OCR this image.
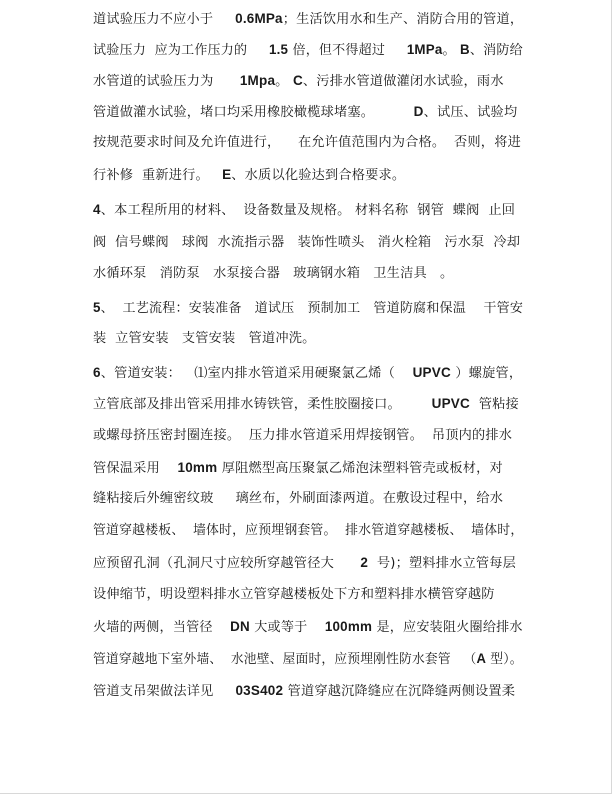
道试验压力不应小于     0.6MPa；生活饮用水和生产、消防合用的管道，
试验压力  应为工作压力的     1.5 倍，但不得超过     1MPa。 B、消防给
水管道的试验压力为      1Mpa。 C、污排水管道做灌闭水试验，雨水
管道做灌水试验，堵口均采用橡胶橄榄球堵塞。         D、试压、试验均
按规范要求时间及允许值进行，    在允许值范围内为合格。  否则，将进
行补修  重新进行。   E、水质以化验达到合格要求。
4、本工程所用的材料、  设备数量及规格。 材料名称  钢管  蝶阀  止回
阀  信号蝶阀   球阀  水流指示器   装饰性喷头   消火栓箱   污水泵  冷却
水循环泵   消防泵   水泵接合器   玻璃钢水箱   卫生洁具   。
5、  工艺流程：安装准备   道试压   预制加工   管道防腐和保温    干管安
装  立管安装   支管安装   管道冲洗。
6、管道安装：   ⑴室内排水管道采用硬聚氯乙烯（    UPVC ）螺旋管，
立管底部及排出管采用排水铸铁管，柔性胶圈接口。       UPVC  管粘接
或螺母挤压密封圈连接。  压力排水管道采用焊接钢管。  吊顶内的排水
管保温采用    10mm 厚阻燃型高压聚氯乙烯泡沫塑料管壳或板材，对
缝粘接后外缠密纹玻     璃丝布，外刷面漆两道。在敷设过程中，给水
管道穿越楼板、  墙体时，应预埋钢套管。  排水管道穿越楼板、  墙体时，
应预留孔洞（孔洞尺寸应较所穿越管径大      2  号)；塑料排水立管每层
设伸缩节，明设塑料排水立管穿越楼板处下方和塑料排水横管穿越防
火墙的两侧，当管径    DN 大或等于    100mm 是，应安装阻火圈给排水
管道穿越地下室外墙、  水池壁、屋面时，应预埋刚性防水套管   （A 型）。
管道支吊架做法详见     03S402 管道穿越沉降缝应在沉降缝两侧设置柔
